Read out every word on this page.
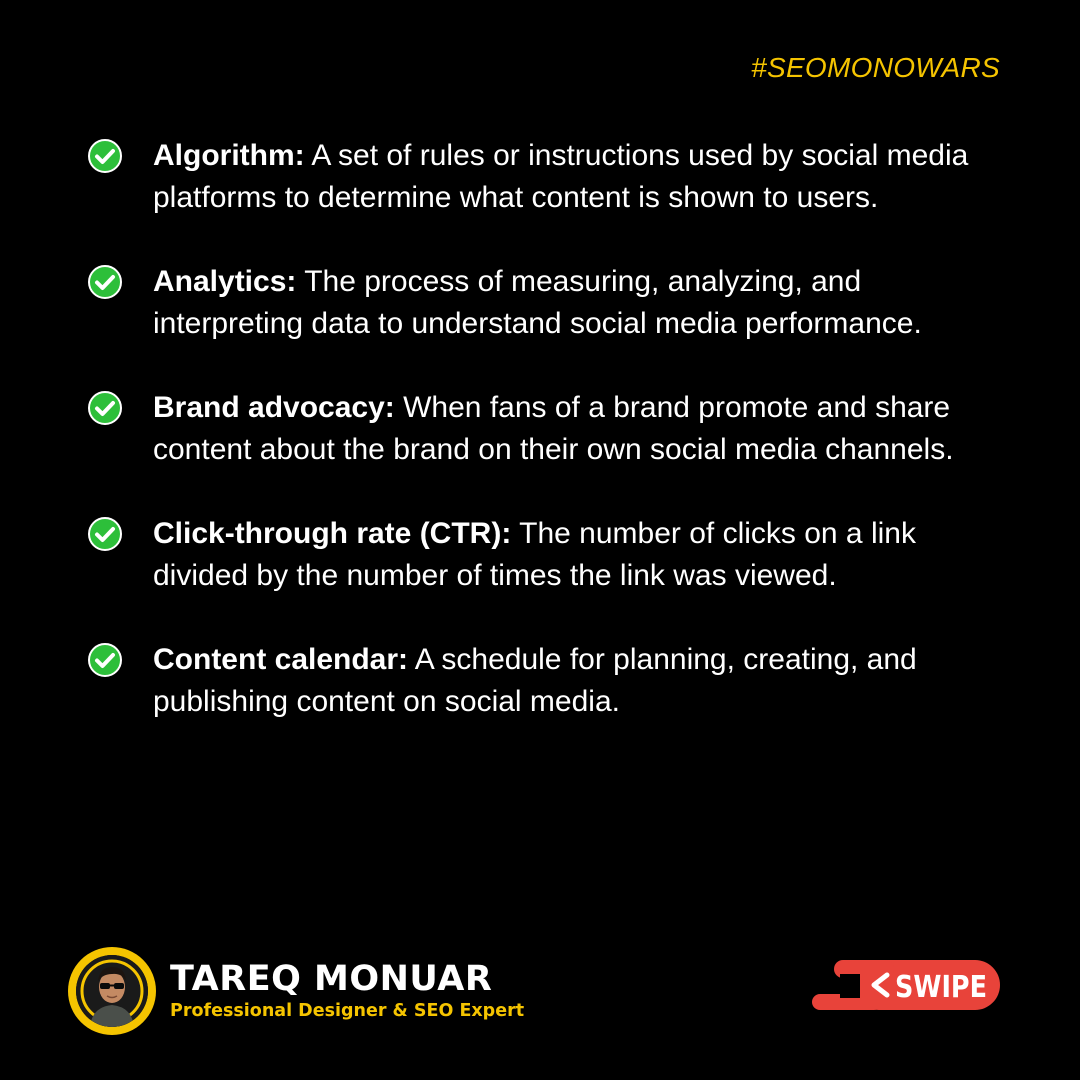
#SEOMONOWARS
Algorithm: A set of rules or instructions used by social media platforms to determine what content is shown to users.
Analytics: The process of measuring, analyzing, and interpreting data to understand social media performance.
Brand advocacy: When fans of a brand promote and share content about the brand on their own social media channels.
Click-through rate (CTR): The number of clicks on a link divided by the number of times the link was viewed.
Content calendar: A schedule for planning, creating, and publishing content on social media.
TAREQ MONUAR
Professional Designer & SEO Expert
SWIPE
